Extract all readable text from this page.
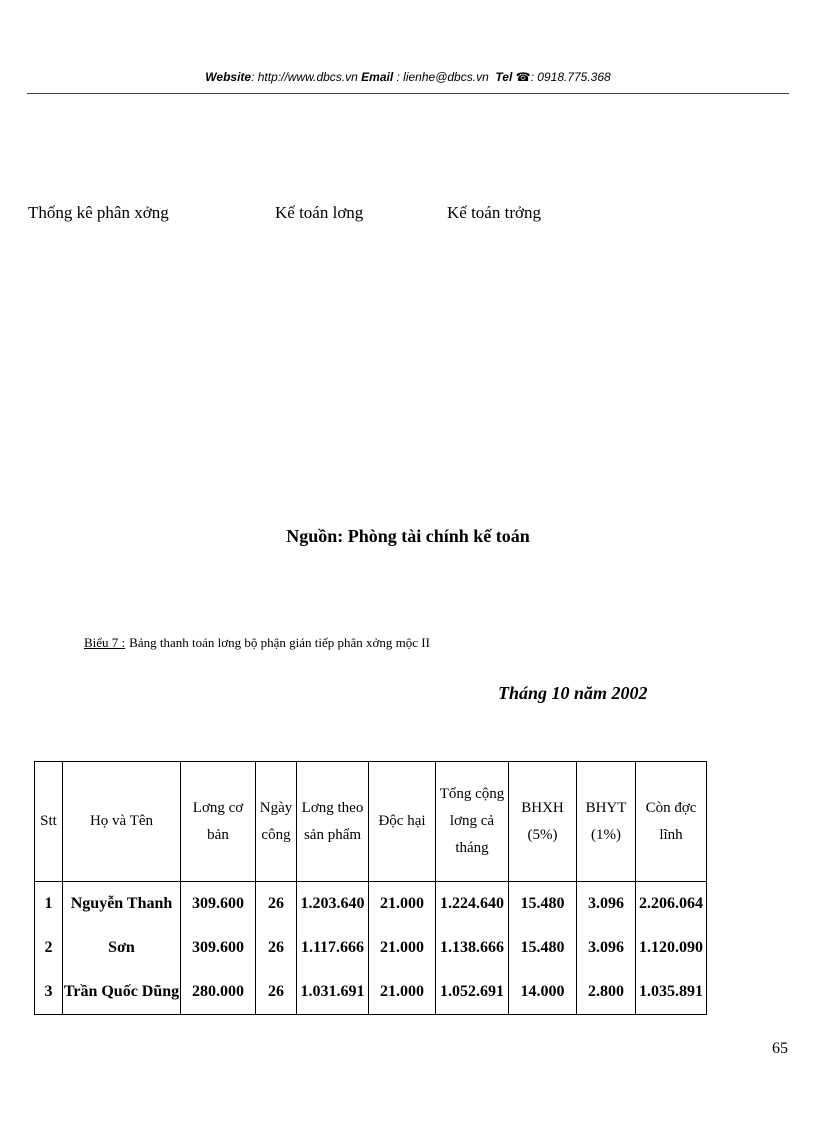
Website: http://www.dbcs.vn Email : lienhe@dbcs.vn Tel ☎: 0918.775.368
Thống kê phân xởng	Kế toán lơng	Kế toán trởng
Nguồn: Phòng tài chính kế toán
Biểu 7 : Bảng thanh toán lơng bộ phận gián tiếp phân xởng mộc II
Tháng 10 năm 2002
Stt	Họ và Tên	Lơng cơ bản	Ngày công	Lơng theo sản phẩm	Độc hại	Tổng cộng lơng cả tháng	BHXH (5%)	BHYT (1%)	Còn đợc lĩnh
1	Nguyễn Thanh	309.600	26	1.203.640	21.000	1.224.640	15.480	3.096	2.206.064
2	Sơn	309.600	26	1.117.666	21.000	1.138.666	15.480	3.096	1.120.090
3	Trần Quốc Dũng	280.000	26	1.031.691	21.000	1.052.691	14.000	2.800	1.035.891
65
